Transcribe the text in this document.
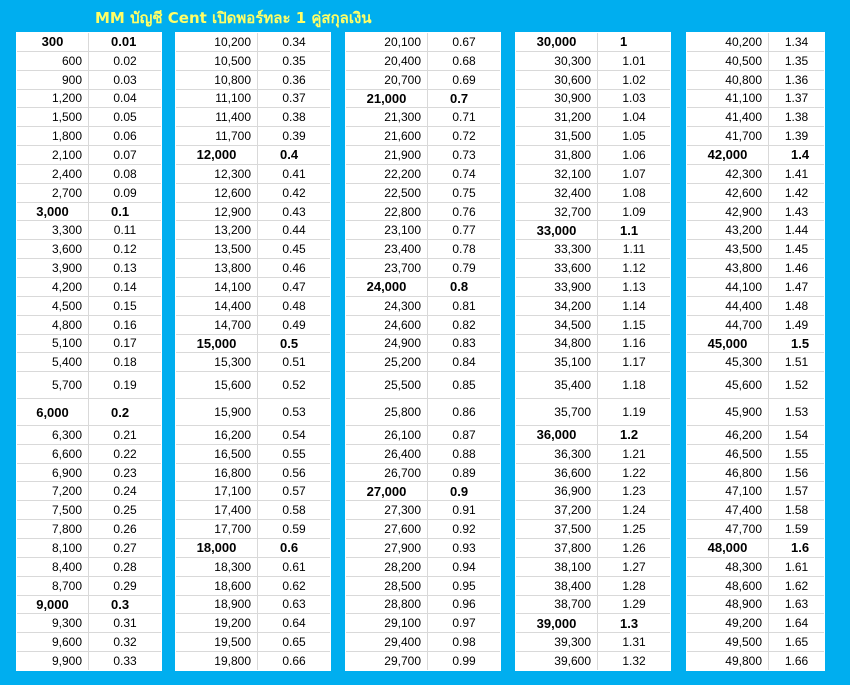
MM บัญชี Cent เปิดพอร์ทละ 1 คู่สกุลเงิน
300	0.01
600	0.02
900	0.03
1,200	0.04
1,500	0.05
1,800	0.06
2,100	0.07
2,400	0.08
2,700	0.09
3,000	0.1
3,300	0.11
3,600	0.12
3,900	0.13
4,200	0.14
4,500	0.15
4,800	0.16
5,100	0.17
5,400	0.18
5,700	0.19
6,000	0.2
6,300	0.21
6,600	0.22
6,900	0.23
7,200	0.24
7,500	0.25
7,800	0.26
8,100	0.27
8,400	0.28
8,700	0.29
9,000	0.3
9,300	0.31
9,600	0.32
9,900	0.33
10,200	0.34
10,500	0.35
10,800	0.36
11,100	0.37
11,400	0.38
11,700	0.39
12,000	0.4
12,300	0.41
12,600	0.42
12,900	0.43
13,200	0.44
13,500	0.45
13,800	0.46
14,100	0.47
14,400	0.48
14,700	0.49
15,000	0.5
15,300	0.51
15,600	0.52
15,900	0.53
16,200	0.54
16,500	0.55
16,800	0.56
17,100	0.57
17,400	0.58
17,700	0.59
18,000	0.6
18,300	0.61
18,600	0.62
18,900	0.63
19,200	0.64
19,500	0.65
19,800	0.66
20,100	0.67
20,400	0.68
20,700	0.69
21,000	0.7
21,300	0.71
21,600	0.72
21,900	0.73
22,200	0.74
22,500	0.75
22,800	0.76
23,100	0.77
23,400	0.78
23,700	0.79
24,000	0.8
24,300	0.81
24,600	0.82
24,900	0.83
25,200	0.84
25,500	0.85
25,800	0.86
26,100	0.87
26,400	0.88
26,700	0.89
27,000	0.9
27,300	0.91
27,600	0.92
27,900	0.93
28,200	0.94
28,500	0.95
28,800	0.96
29,100	0.97
29,400	0.98
29,700	0.99
30,000	1
30,300	1.01
30,600	1.02
30,900	1.03
31,200	1.04
31,500	1.05
31,800	1.06
32,100	1.07
32,400	1.08
32,700	1.09
33,000	1.1
33,300	1.11
33,600	1.12
33,900	1.13
34,200	1.14
34,500	1.15
34,800	1.16
35,100	1.17
35,400	1.18
35,700	1.19
36,000	1.2
36,300	1.21
36,600	1.22
36,900	1.23
37,200	1.24
37,500	1.25
37,800	1.26
38,100	1.27
38,400	1.28
38,700	1.29
39,000	1.3
39,300	1.31
39,600	1.32
40,200	1.34
40,500	1.35
40,800	1.36
41,100	1.37
41,400	1.38
41,700	1.39
42,000	1.4
42,300	1.41
42,600	1.42
42,900	1.43
43,200	1.44
43,500	1.45
43,800	1.46
44,100	1.47
44,400	1.48
44,700	1.49
45,000	1.5
45,300	1.51
45,600	1.52
45,900	1.53
46,200	1.54
46,500	1.55
46,800	1.56
47,100	1.57
47,400	1.58
47,700	1.59
48,000	1.6
48,300	1.61
48,600	1.62
48,900	1.63
49,200	1.64
49,500	1.65
49,800	1.66
